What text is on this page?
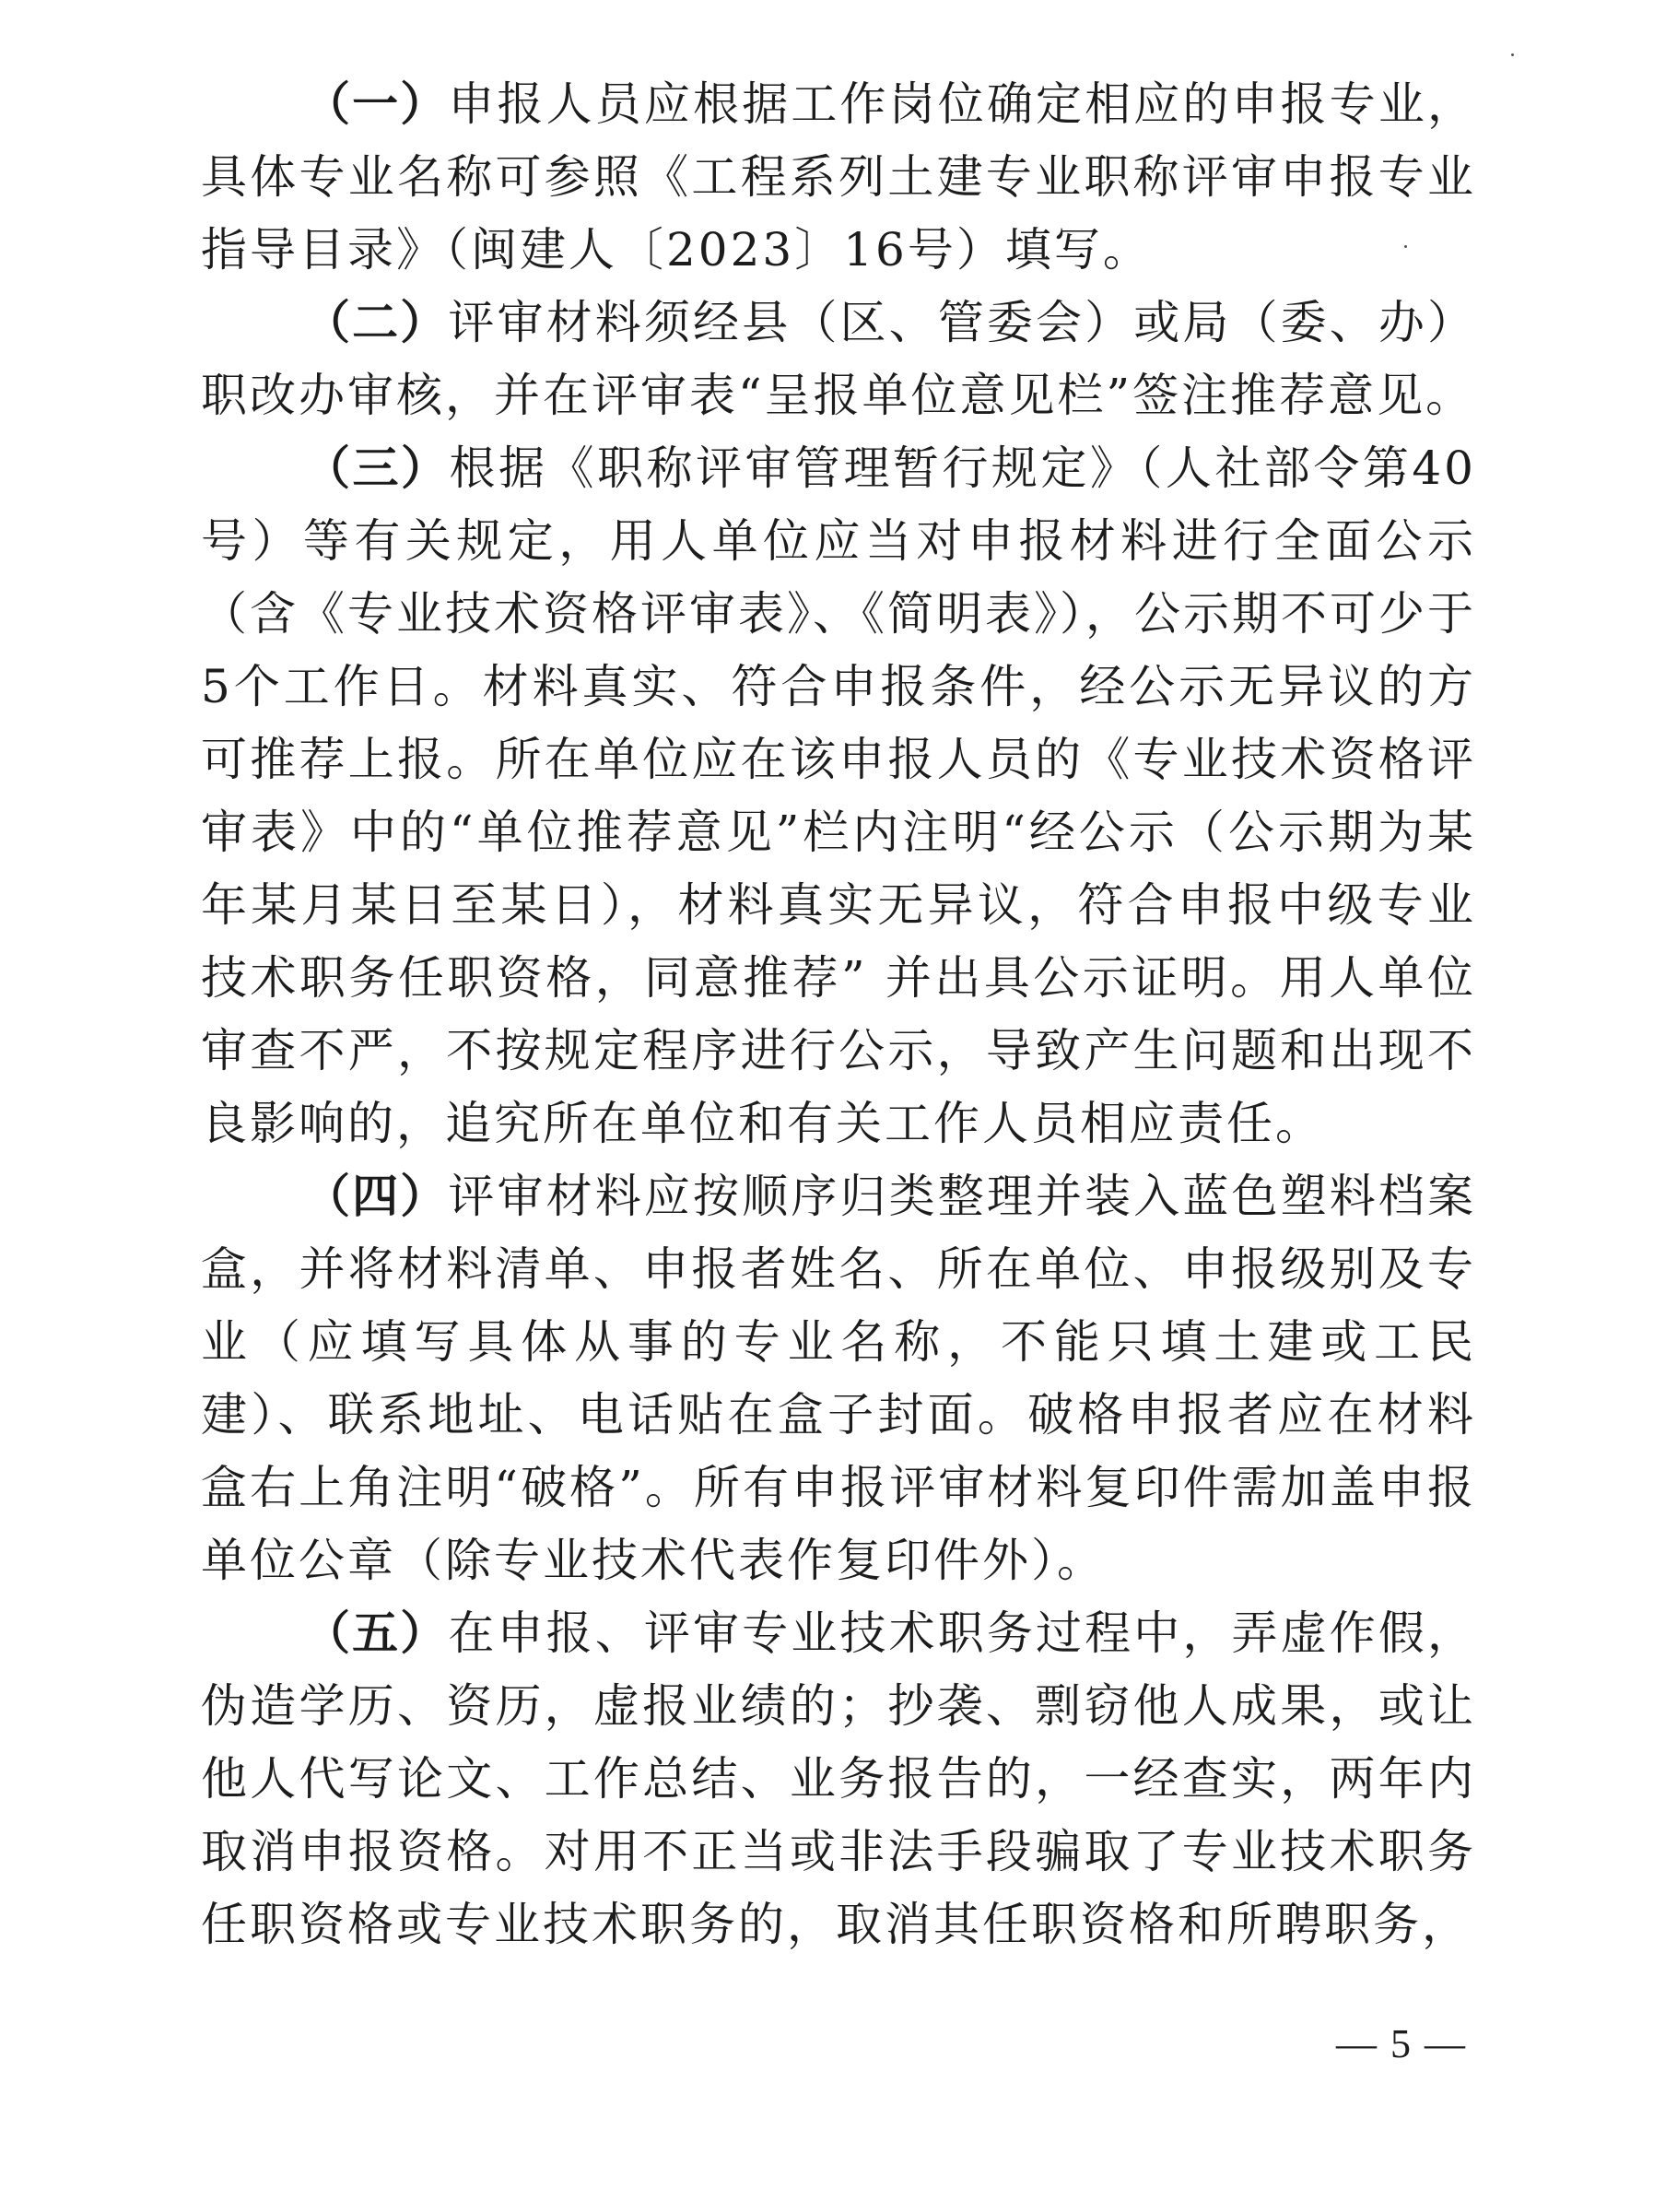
（一）申报人员应根据工作岗位确定相应的申报专业，具体专业名称可参照《工程系列土建专业职称评审申报专业指导目录》（闽建人〔2023〕16号）填写。

（二）评审材料须经县（区、管委会）或局（委、办）职改办审核，并在评审表“呈报单位意见栏”签注推荐意见。

（三）根据《职称评审管理暂行规定》（人社部令第40号）等有关规定，用人单位应当对申报材料进行全面公示（含《专业技术资格评审表》、《简明表》），公示期不可少于5个工作日。材料真实、符合申报条件，经公示无异议的方可推荐上报。所在单位应在该申报人员的《专业技术资格评审表》中的“单位推荐意见”栏内注明“经公示（公示期为某年某月某日至某日），材料真实无异议，符合申报中级专业技术职务任职资格，同意推荐” 并出具公示证明。用人单位审查不严，不按规定程序进行公示，导致产生问题和出现不良影响的，追究所在单位和有关工作人员相应责任。

（四）评审材料应按顺序归类整理并装入蓝色塑料档案盒，并将材料清单、申报者姓名、所在单位、申报级别及专业（应填写具体从事的专业名称，不能只填土建或工民建）、联系地址、电话贴在盒子封面。破格申报者应在材料盒右上角注明“破格”。所有申报评审材料复印件需加盖申报单位公章（除专业技术代表作复印件外）。

（五）在申报、评审专业技术职务过程中，弄虚作假，伪造学历、资历，虚报业绩的；抄袭、剽窃他人成果，或让他人代写论文、工作总结、业务报告的，一经查实，两年内取消申报资格。对用不正当或非法手段骗取了专业技术职务任职资格或专业技术职务的，取消其任职资格和所聘职务，

— 5 —
